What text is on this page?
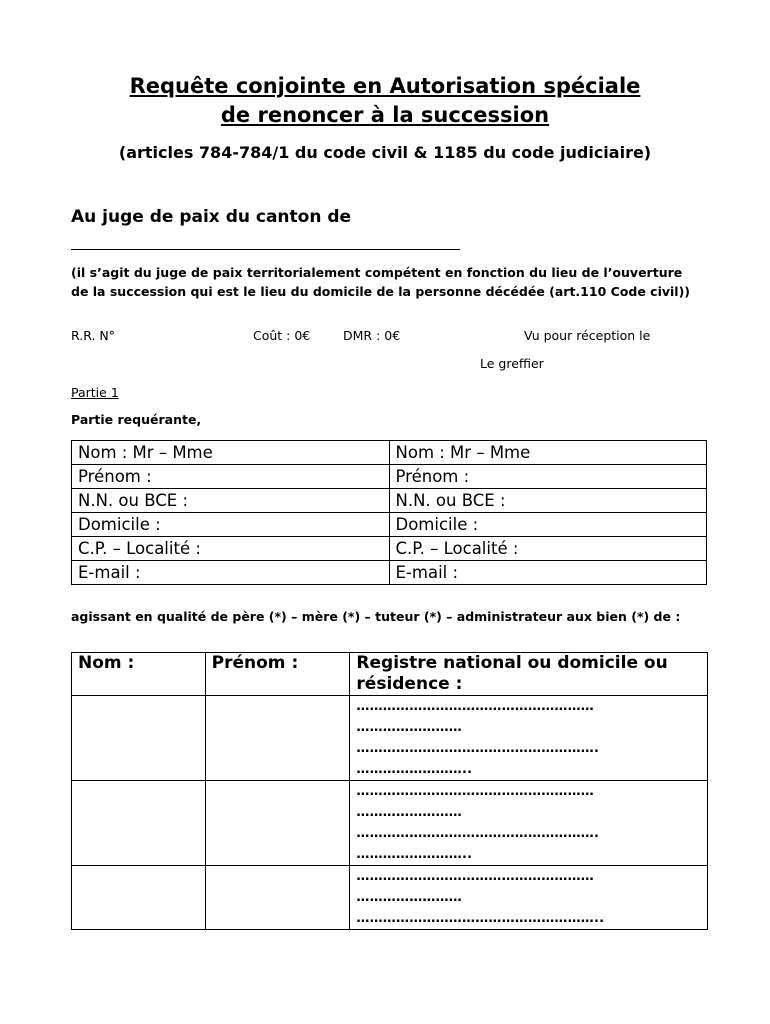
Requête conjointe en Autorisation spéciale
de renoncer à la succession
(articles 784-784/1 du code civil & 1185 du code judiciaire)
Au juge de paix du canton de
(il s’agit du juge de paix territorialement compétent en fonction du lieu de l’ouverture de la succession qui est le lieu du domicile de la personne décédée (art.110 Code civil))
R.R. N°	Coût : 0€	DMR : 0€	Vu pour réception le
Le greffier
Partie 1
Partie requérante,
Nom : Mr – Mme	Nom : Mr – Mme
Prénom :	Prénom :
N.N. ou BCE :	N.N. ou BCE :
Domicile :	Domicile :
C.P. – Localité :	C.P. – Localité :
E-mail :	E-mail :
agissant en qualité de père (*) – mère (*) – tuteur (*) – administrateur aux bien (*) de :
Nom :	Prénom :	Registre national ou domicile ou résidence :

		………………………………………………
……………………
……………………………………………….
……………………..

		………………………………………………
……………………
……………………………………………….
……………………..

		………………………………………………
……………………
………………………………………………..
